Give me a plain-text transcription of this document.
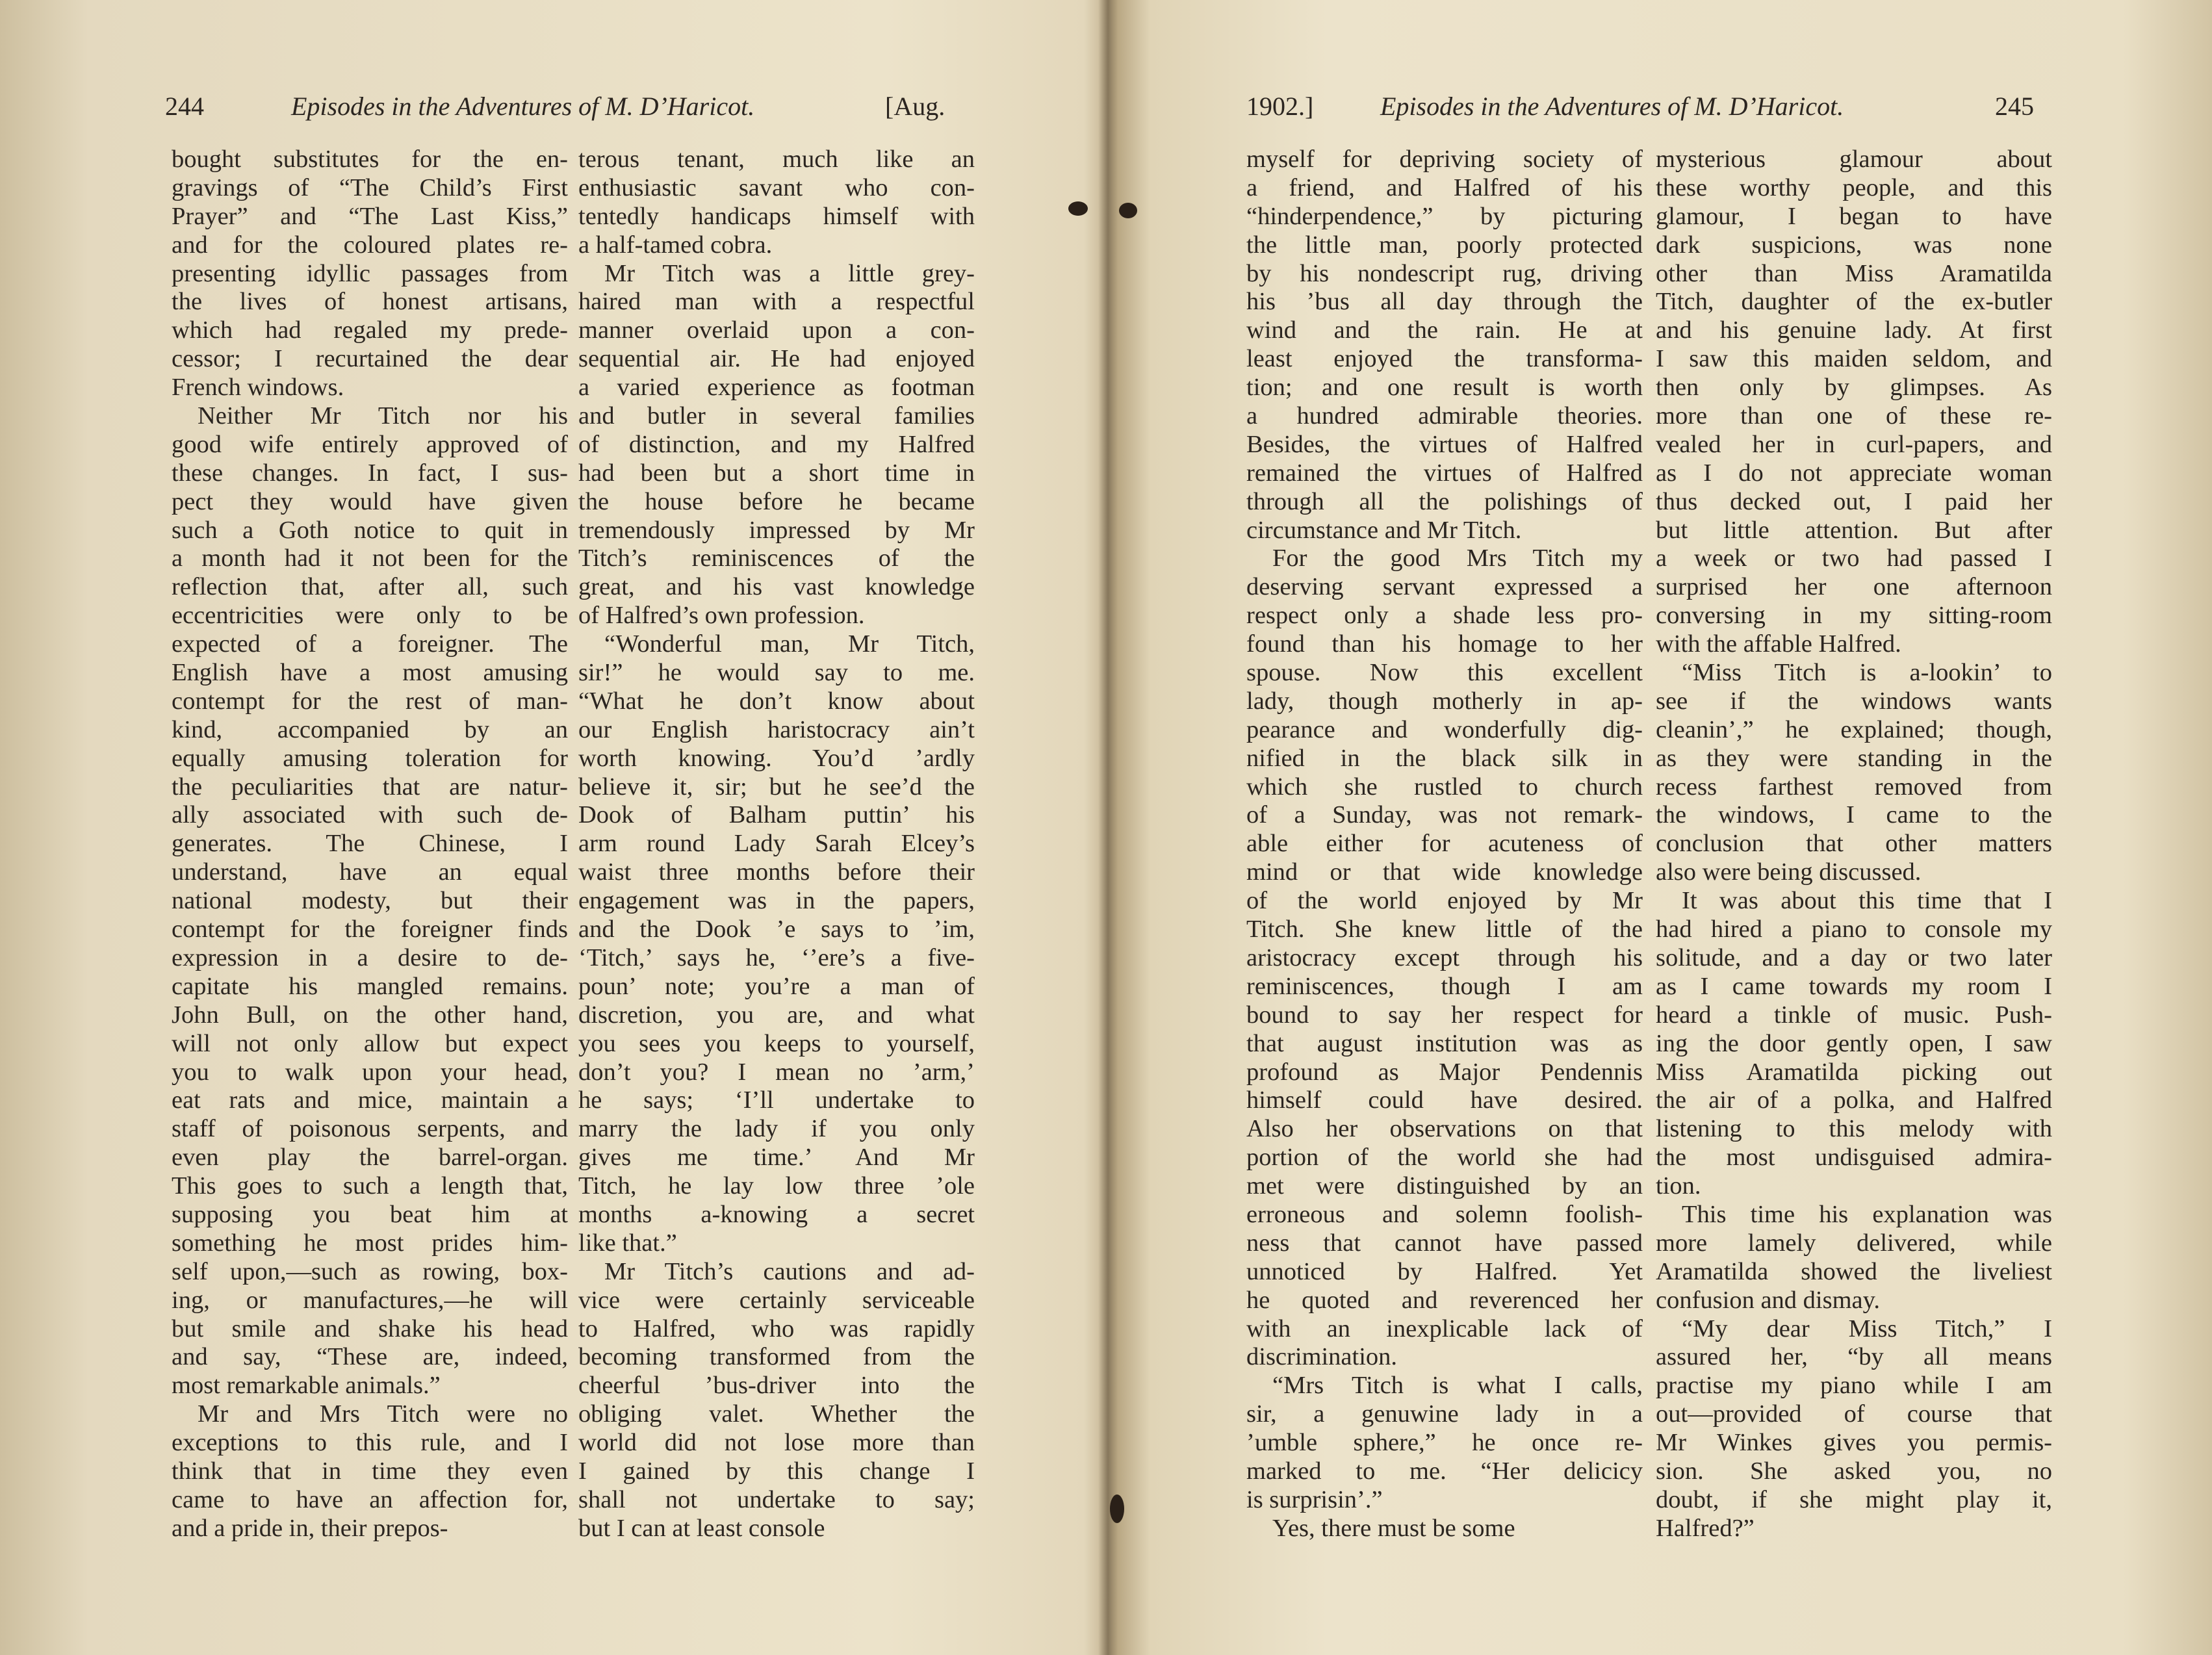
244	Episodes in the Adventures of M. D’Haricot.	[Aug.
bought substitutes for the en-
gravings of “The Child’s First
Prayer” and “The Last Kiss,”
and for the coloured plates re-
presenting idyllic passages from
the lives of honest artisans,
which had regaled my prede-
cessor; I recurtained the dear
French windows.
Neither Mr Titch nor his
good wife entirely approved of
these changes. In fact, I sus-
pect they would have given
such a Goth notice to quit in
a month had it not been for the
reflection that, after all, such
eccentricities were only to be
expected of a foreigner. The
English have a most amusing
contempt for the rest of man-
kind, accompanied by an
equally amusing toleration for
the peculiarities that are natur-
ally associated with such de-
generates. The Chinese, I
understand, have an equal
national modesty, but their
contempt for the foreigner finds
expression in a desire to de-
capitate his mangled remains.
John Bull, on the other hand,
will not only allow but expect
you to walk upon your head,
eat rats and mice, maintain a
staff of poisonous serpents, and
even play the barrel-organ.
This goes to such a length that,
supposing you beat him at
something he most prides him-
self upon,—such as rowing, box-
ing, or manufactures,—he will
but smile and shake his head
and say, “These are, indeed,
most remarkable animals.”
Mr and Mrs Titch were no
exceptions to this rule, and I
think that in time they even
came to have an affection for,
and a pride in, their prepos-
terous tenant, much like an
enthusiastic savant who con-
tentedly handicaps himself with
a half-tamed cobra.
Mr Titch was a little grey-
haired man with a respectful
manner overlaid upon a con-
sequential air. He had enjoyed
a varied experience as footman
and butler in several families
of distinction, and my Halfred
had been but a short time in
the house before he became
tremendously impressed by Mr
Titch’s reminiscences of the
great, and his vast knowledge
of Halfred’s own profession.
“Wonderful man, Mr Titch,
sir!” he would say to me.
“What he don’t know about
our English haristocracy ain’t
worth knowing. You’d ’ardly
believe it, sir; but he see’d the
Dook of Balham puttin’ his
arm round Lady Sarah Elcey’s
waist three months before their
engagement was in the papers,
and the Dook ’e says to ’im,
‘Titch,’ says he, ‘’ere’s a five-
poun’ note; you’re a man of
discretion, you are, and what
you sees you keeps to yourself,
don’t you? I mean no ’arm,’
he says; ‘I’ll undertake to
marry the lady if you only
gives me time.’ And Mr
Titch, he lay low three ’ole
months a-knowing a secret
like that.”
Mr Titch’s cautions and ad-
vice were certainly serviceable
to Halfred, who was rapidly
becoming transformed from the
cheerful ’bus-driver into the
obliging valet. Whether the
world did not lose more than
I gained by this change I
shall not undertake to say;
but I can at least console
1902.]	Episodes in the Adventures of M. D’Haricot.	245
myself for depriving society of
a friend, and Halfred of his
“hinderpendence,” by picturing
the little man, poorly protected
by his nondescript rug, driving
his ’bus all day through the
wind and the rain. He at
least enjoyed the transforma-
tion; and one result is worth
a hundred admirable theories.
Besides, the virtues of Halfred
remained the virtues of Halfred
through all the polishings of
circumstance and Mr Titch.
For the good Mrs Titch my
deserving servant expressed a
respect only a shade less pro-
found than his homage to her
spouse. Now this excellent
lady, though motherly in ap-
pearance and wonderfully dig-
nified in the black silk in
which she rustled to church
of a Sunday, was not remark-
able either for acuteness of
mind or that wide knowledge
of the world enjoyed by Mr
Titch. She knew little of the
aristocracy except through his
reminiscences, though I am
bound to say her respect for
that august institution was as
profound as Major Pendennis
himself could have desired.
Also her observations on that
portion of the world she had
met were distinguished by an
erroneous and solemn foolish-
ness that cannot have passed
unnoticed by Halfred. Yet
he quoted and reverenced her
with an inexplicable lack of
discrimination.
“Mrs Titch is what I calls,
sir, a genuwine lady in a
’umble sphere,” he once re-
marked to me. “Her delicicy
is surprisin’.”
Yes, there must be some
mysterious glamour about
these worthy people, and this
glamour, I began to have
dark suspicions, was none
other than Miss Aramatilda
Titch, daughter of the ex-butler
and his genuine lady. At first
I saw this maiden seldom, and
then only by glimpses. As
more than one of these re-
vealed her in curl-papers, and
as I do not appreciate woman
thus decked out, I paid her
but little attention. But after
a week or two had passed I
surprised her one afternoon
conversing in my sitting-room
with the affable Halfred.
“Miss Titch is a-lookin’ to
see if the windows wants
cleanin’,” he explained; though,
as they were standing in the
recess farthest removed from
the windows, I came to the
conclusion that other matters
also were being discussed.
It was about this time that I
had hired a piano to console my
solitude, and a day or two later
as I came towards my room I
heard a tinkle of music. Push-
ing the door gently open, I saw
Miss Aramatilda picking out
the air of a polka, and Halfred
listening to this melody with
the most undisguised admira-
tion.
This time his explanation was
more lamely delivered, while
Aramatilda showed the liveliest
confusion and dismay.
“My dear Miss Titch,” I
assured her, “by all means
practise my piano while I am
out—provided of course that
Mr Winkes gives you permis-
sion. She asked you, no
doubt, if she might play it,
Halfred?”
